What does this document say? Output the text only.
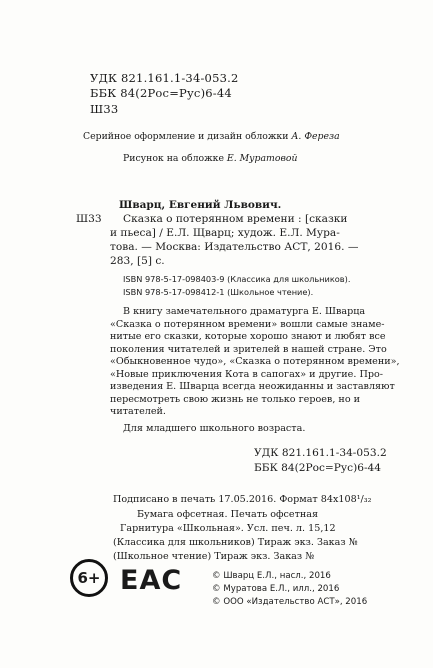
УДК 821.161.1-34-053.2
ББК 84(2Рос=Рус)6-44
Ш33
Серийное оформление и дизайн обложки А. Фереза
Рисунок на обложке Е. Муратовой
Шварц, Евгений Львович.
Ш33 Сказка о потерянном времени : [сказки
и пьеса] / Е.Л. Щварц; худож. Е.Л. Мура-
това. — Москва: Издательство АСТ, 2016. —
283, [5] с.
ISBN 978-5-17-098403-9 (Классика для школьников).
ISBN 978-5-17-098412-1 (Школьное чтение).
В книгу замечательного драматурга Е. Шварца
«Сказка о потерянном времени» вошли самые знаме-
нитые его сказки, которые хорошо знают и любят все
поколения читателей и зрителей в нашей стране. Это
«Обыкновенное чудо», «Сказка о потерянном времени»,
«Новые приключения Кота в сапогах» и другие. Про-
изведения Е. Шварца всегда неожиданны и заставляют
пересмотреть свою жизнь не только героев, но и
читателей.
Для младшего школьного возраста.
УДК 821.161.1-34-053.2
ББК 84(2Рос=Рус)6-44
Подписано в печать 17.05.2016. Формат 84x108¹/₃₂
Бумага офсетная. Печать офсетная
Гарнитура «Школьная». Усл. печ. л. 15,12
(Классика для школьников) Тираж экз. Заказ №
(Школьное чтение) Тираж экз. Заказ №
6+ ЕАС	© Шварц Е.Л., насл., 2016
© Муратова Е.Л., илл., 2016
© ООО «Издательство АСТ», 2016
